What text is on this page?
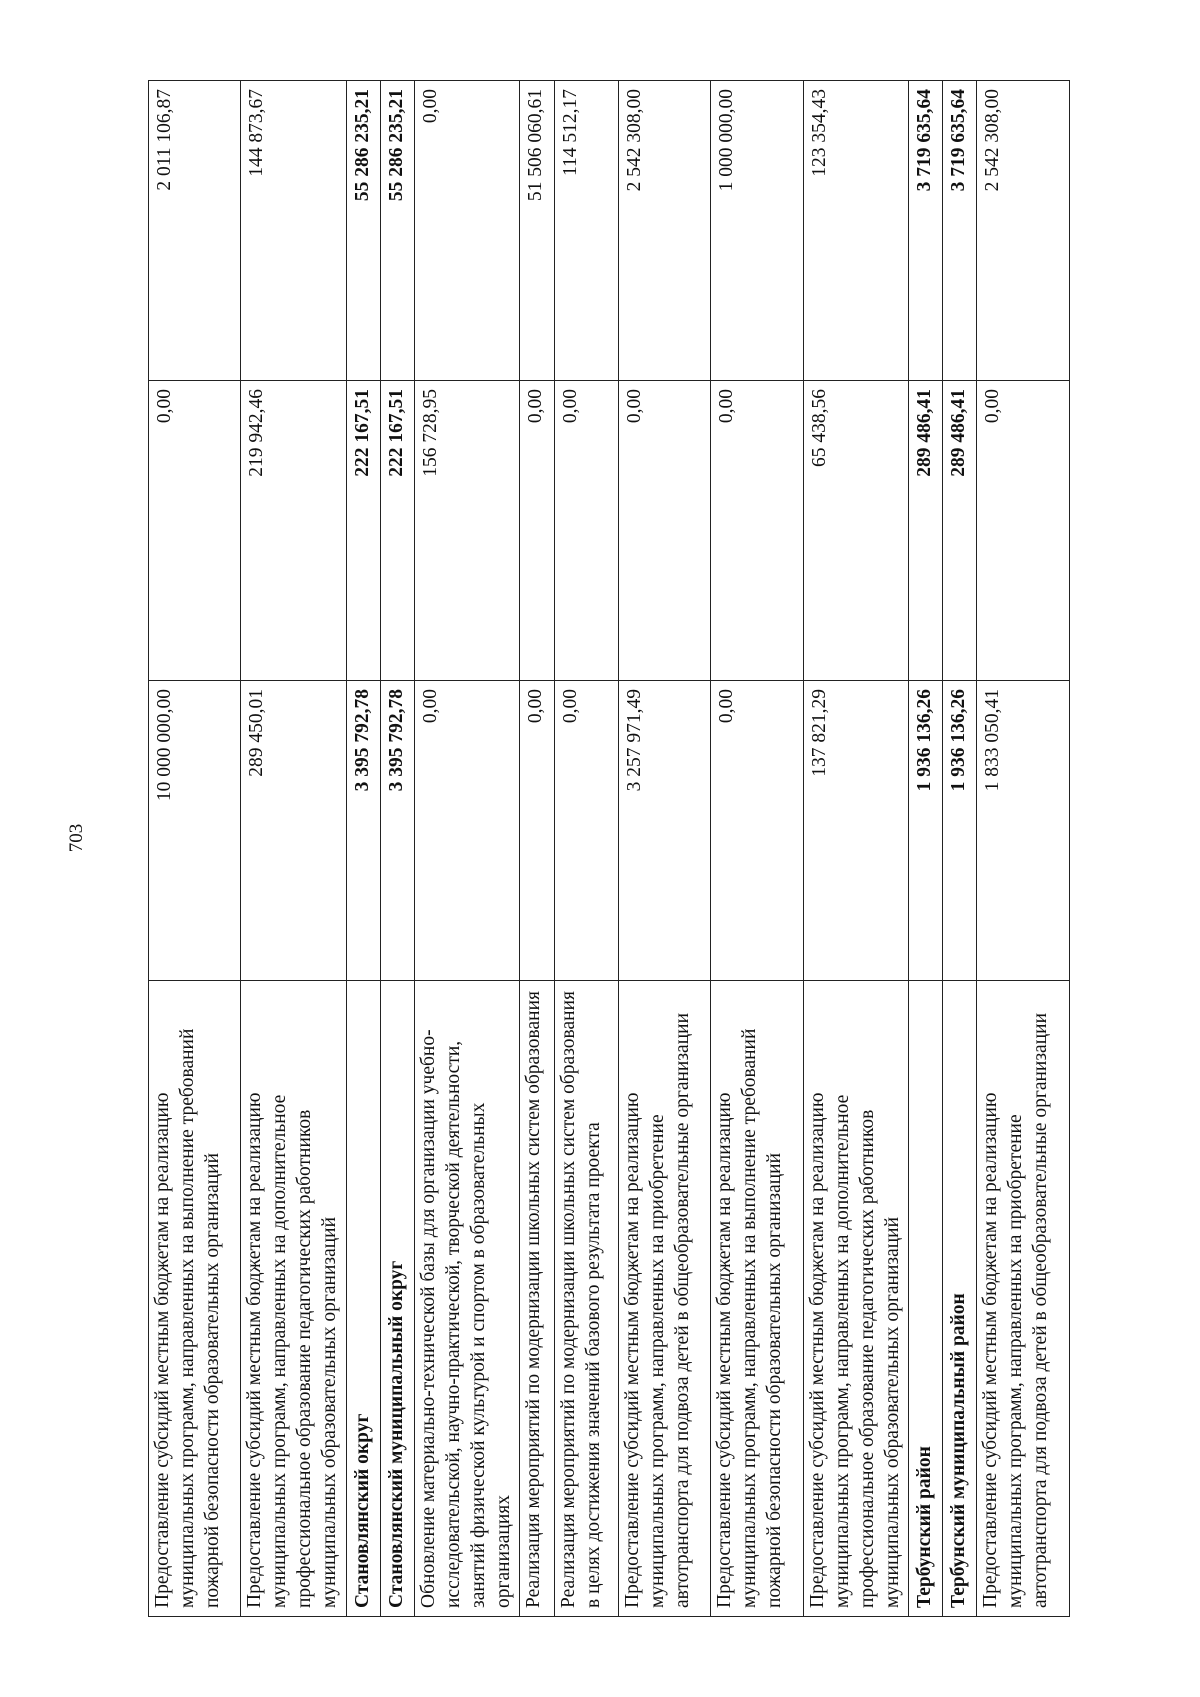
703
Предоставление субсидий местным бюджетам на реализацию муниципальных программ, направленных на выполнение требований пожарной безопасности образовательных организаций	10 000 000,00	0,00	2 011 106,87
Предоставление субсидий местным бюджетам на реализацию муниципальных программ, направленных на дополнительное профессиональное образование педагогических работников муниципальных образовательных организаций	289 450,01	219 942,46	144 873,67
Становлянский округ	3 395 792,78	222 167,51	55 286 235,21
Становлянский муниципальный округ	3 395 792,78	222 167,51	55 286 235,21
Обновление материально-технической базы для организации учебно-исследовательской, научно-практической, творческой деятельности, занятий физической культурой и спортом в образовательных организациях	0,00	156 728,95	0,00
Реализация мероприятий по модернизации школьных систем образования	0,00	0,00	51 506 060,61
Реализация мероприятий по модернизации школьных систем образования в целях достижения значений базового результата проекта	0,00	0,00	114 512,17
Предоставление субсидий местным бюджетам на реализацию муниципальных программ, направленных на приобретение автотранспорта для подвоза детей в общеобразовательные организации	3 257 971,49	0,00	2 542 308,00
Предоставление субсидий местным бюджетам на реализацию муниципальных программ, направленных на выполнение требований пожарной безопасности образовательных организаций	0,00	0,00	1 000 000,00
Предоставление субсидий местным бюджетам на реализацию муниципальных программ, направленных на дополнительное профессиональное образование педагогических работников муниципальных образовательных организаций	137 821,29	65 438,56	123 354,43
Тербунский район	1 936 136,26	289 486,41	3 719 635,64
Тербунский муниципальный район	1 936 136,26	289 486,41	3 719 635,64
Предоставление субсидий местным бюджетам на реализацию муниципальных программ, направленных на приобретение автотранспорта для подвоза детей в общеобразовательные организации	1 833 050,41	0,00	2 542 308,00
